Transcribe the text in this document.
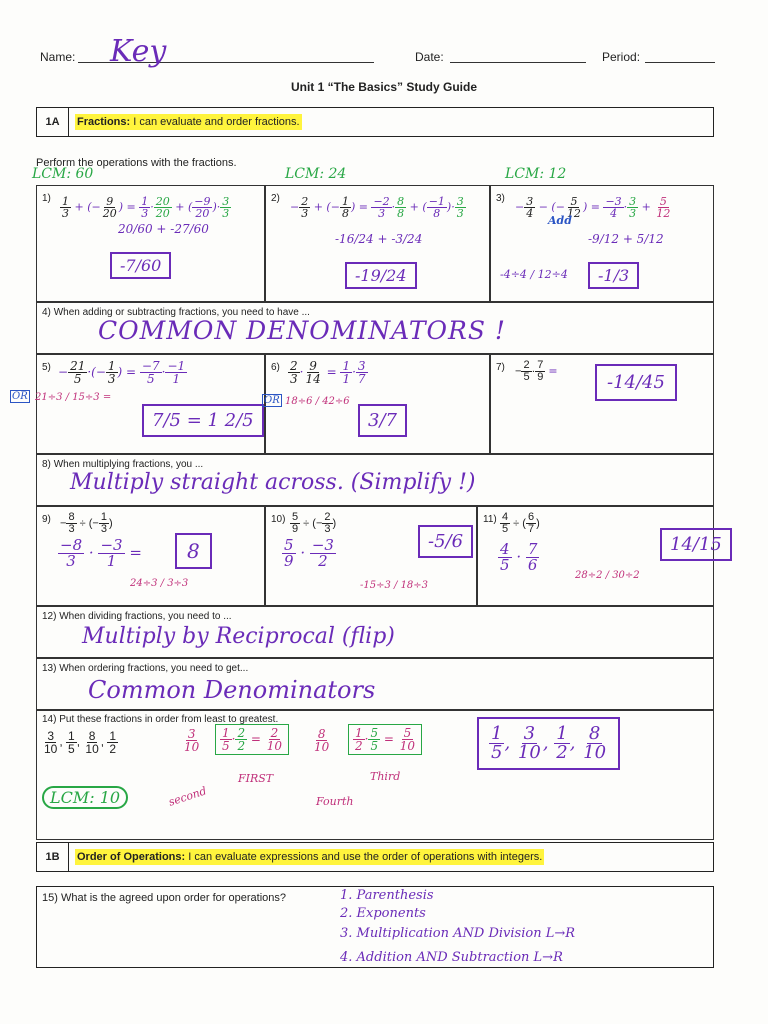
Name: Key	Date:	Period:
Unit 1 “The Basics” Study Guide
1A	Fractions: I can evaluate and order fractions.
Perform the operations with the fractions.
LCM: 60	LCM: 24	LCM: 12
1)	2)	3)
$\frac{1}{3}$ + (− $\frac{9}{20}$ ) = $\frac{1}{3} \cdot \frac{20}{20}$ + ( $\frac{-9}{20}$ )· $\frac{3}{3}$
20/60 + -27/60
-7/60
− $\frac{2}{3}$ + (− $\frac{1}{8}$ ) = $\frac{-2}{3} \cdot \frac{8}{8}$ + ( $\frac{-1}{8}$ )· $\frac{3}{3}$
-16/24 + -3/24
-19/24
− $\frac{3}{4}$ − (− $\frac{5}{12}$ ) = $\frac{-3}{4} \cdot \frac{3}{3} + \frac{5}{12}$
Add
-9/12 + 5/12
-4÷4 / 12÷4	-1/3
4) When adding or subtracting fractions, you need to have ...
COMMON DENOMINATORS !
5)	6)	7)
− $\frac{21}{5}$ ·(− $\frac{1}{3}$ ) = $\frac{-7}{5} \cdot \frac{-1}{1}$
OR 21÷3 / 15÷3 =
7/5 = 1 2/5
$\frac{2}{3} \cdot \frac{9}{14} = \frac{1}{1} \cdot \frac{3}{7}$
OR 18÷6 / 42÷6
3/7
− $\frac{2}{5} \cdot \frac{7}{9}$ =
-14/45
8) When multiplying fractions, you ...
Multiply straight across. (Simplify !)
9)	10)	11)
− $\frac{8}{3}$ ÷ (− $\frac{1}{3}$ )
$\frac{-8}{3} \cdot \frac{-3}{1}$ =	8
24÷3 / 3÷3
$\frac{5}{9}$ ÷ (− $\frac{2}{3}$ )
$\frac{5}{9} \cdot \frac{-3}{2}$	-5/6
-15÷3 / 18÷3
$\frac{4}{5}$ ÷ ( $\frac{6}{7}$ )
$\frac{4}{5} \cdot \frac{7}{6}$	14/15
28÷2 / 30÷2
12) When dividing fractions, you need to ...
Multiply by Reciprocal (flip)
13) When ordering fractions, you need to get...
Common Denominators
14) Put these fractions in order from least to greatest.
$\frac{3}{10}$ , $\frac{1}{5}$ , $\frac{8}{10}$ , $\frac{1}{2}$	$\frac{3}{10} \frac{1}{5} \cdot \frac{2}{2} = \frac{2}{10} \frac{8}{10} \frac{1}{2} \cdot \frac{5}{5} = \frac{5}{10}$
LCM: 10	second
FIRST
Fourth
Third
$\frac{1}{5}$ , $\frac{3}{10}$ , $\frac{1}{2}$ , $\frac{8}{10}$
1B	Order of Operations: I can evaluate expressions and use the order of operations with integers.
15) What is the agreed upon order for operations?	1. Parenthesis
2. Exponents
3. Multiplication AND Division L→R
4. Addition AND Subtraction L→R
